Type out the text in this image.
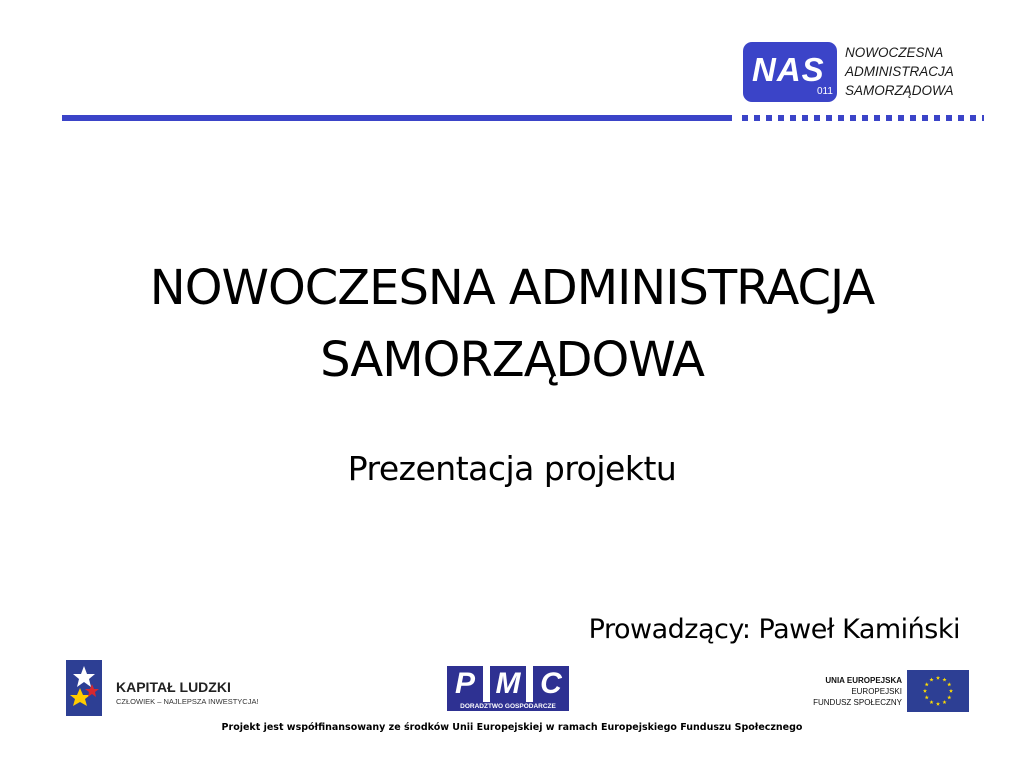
NAS
011
NOWOCZESNA
ADMINISTRACJA
SAMORZĄDOWA
NOWOCZESNA ADMINISTRACJA
SAMORZĄDOWA
Prezentacja projektu
Prowadzący: Paweł Kamiński
KAPITAŁ LUDZKI
CZŁOWIEK – NAJLEPSZA INWESTYCJA!
P M C
DORADZTWO GOSPODARCZE
UNIA EUROPEJSKA
EUROPEJSKI
FUNDUSZ SPOŁECZNY
Projekt jest współfinansowany ze środków Unii Europejskiej w ramach Europejskiego Funduszu Społecznego
